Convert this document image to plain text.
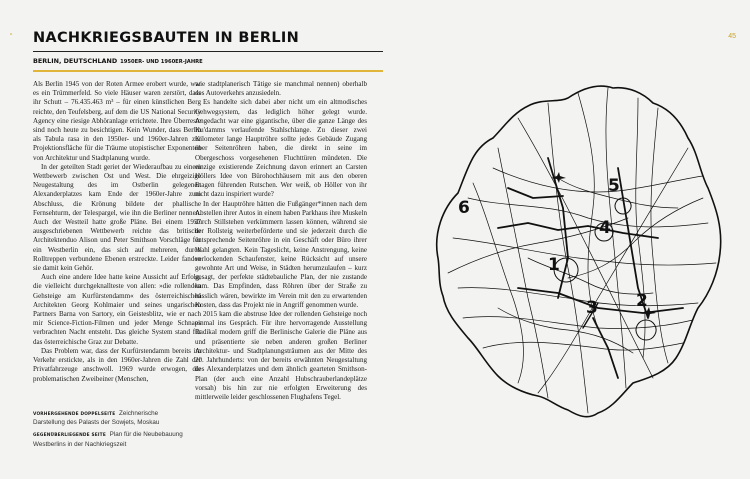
“	45
NACHKRIEGSBAUTEN IN BERLIN
BERLIN, DEUTSCHLAND 1950ER- UND 1960ER-JAHRE

Als Berlin 1945 von der Roten Armee erobert wurde, war es ein Trümmerfeld. So viele Häuser waren zerstört, dass ihr Schutt – 76.435.463 m³ – für einen künstlichen Berg reichte, den Teufelsberg, auf dem die US National Security Agency eine riesige Abhöranlage errichtete. Ihre Überreste sind noch heute zu besichtigen. Kein Wunder, dass Berlin als Tabula rasa in den 1950er- und 1960er-Jahren zur Projektionsfläche für die Träume utopistischer Exponenten von Architektur und Stadtplanung wurde.

In der geteilten Stadt geriet der Wiederaufbau zu einem Wettbewerb zwischen Ost und West. Die ehrgeizige Neugestaltung des im Ostberlin gelegenen Alexanderplatzes kam Ende der 1960er-Jahre zum Abschluss, die Krönung bildete der phallische Fernsehturm, der Telespargel, wie ihn die Berliner nennen. Auch der Westteil hatte große Pläne. Bei einem 1957 ausgeschriebenen Wettbewerb reichte das britische Architektenduo Alison und Peter Smithson Vorschläge für ein Westberlin ein, das sich auf mehreren, durch Rolltreppen verbundene Ebenen erstreckte. Leider fanden sie damit kein Gehör.

Auch eine andere Idee hatte keine Aussicht auf Erfolg, die vielleicht durchgeknallteste von allen: »die rollenden Gehsteige am Kurfürstendamm« des österreichischen Architekten Georg Kohlmaier und seines ungarischen Partners Barna von Sartory, ein Geistesblitz, wie er nach mir Science-Fiction-Filmen und jeder Menge Schnaps verbrachten Nacht entsteht. Das gleiche System stand für das österreichische Graz zur Debatte.

Das Problem war, dass der Kurfürstendamm bereits im Verkehr erstickte, als in den 1960er-Jahren die Zahl der Privatfahrzeuge anschwoll. 1969 wurde erwogen, die problematischen Zweibeiner (Menschen,

wie stadtplanerisch Tätige sie manchmal nennen) oberhalb des Autoverkehrs anzusiedeln.

Es handelte sich dabei aber nicht um ein altmodisches Gehwegsystem, das lediglich höher gelegt wurde. Angedacht war eine gigantische, über die ganze Länge des Ku'damms verlaufende Stahlschlange. Zu dieser zwei Kilometer lange Hauptröhre sollte jedes Gebäude Zugang über Seitenröhren haben, die direkt in seine im Obergeschoss vorgesehenen Fluchttüren mündeten. Die einzige existierende Zeichnung davon erinnert an Carsten Höllers Idee von Bürohochhäusern mit aus den oberen Etagen führenden Rutschen. Wer weiß, ob Höller von ihr nicht dazu inspiriert wurde?

In der Hauptröhre hätten die Fußgänger*innen nach dem Abstellen ihrer Autos in einem haben Parkhaus ihre Muskeln durch Stillstehen verkümmern lassen können, während sie der Rollsteig weiterbeförderte und sie jederzeit durch die entsprechende Seitenröhre in ein Geschäft oder Büro ihrer Wahl gelangten. Kein Tageslicht, keine Anstrengung, keine verlockenden Schaufenster, keine Rücksicht auf unsere gewohnte Art und Weise, in Städten herumzulaufen – kurz gesagt, der perfekte städtebauliche Plan, der nie zustande kam. Das Empfinden, dass Röhren über der Straße zu hässlich wären, bewirkte im Verein mit den zu erwartenden Kosten, dass das Projekt nie in Angriff genommen wurde.

2015 kam die abstruse Idee der rollenden Gehsteige noch einmal ins Gespräch. Für ihre hervorragende Ausstellung Radikal modern griff die Berlinische Galerie die Pläne aus und präsentierte sie neben anderen großen Berliner Architektur- und Stadtplanungsträumen aus der Mitte des 20. Jahrhunderts: von der bereits erwähnten Neugestaltung des Alexanderplatzes und dem ähnlich gearteten Smithson-Plan (der auch eine Anzahl Hubschrauberlandeplätze vorsah) bis hin zur nie erfolgten Erweiterung des mittlerweile leider geschlossenen Flughafens Tegel.

VORHERGEHENDE DOPPELSEITE Zeichnerische Darstellung des Palasts der Sowjets, Moskau
GEGENÜBERLIEGENDE SEITE Plan für die Neubebauung Westberlins in der Nachkriegszeit
1
2
3
4
5
6
